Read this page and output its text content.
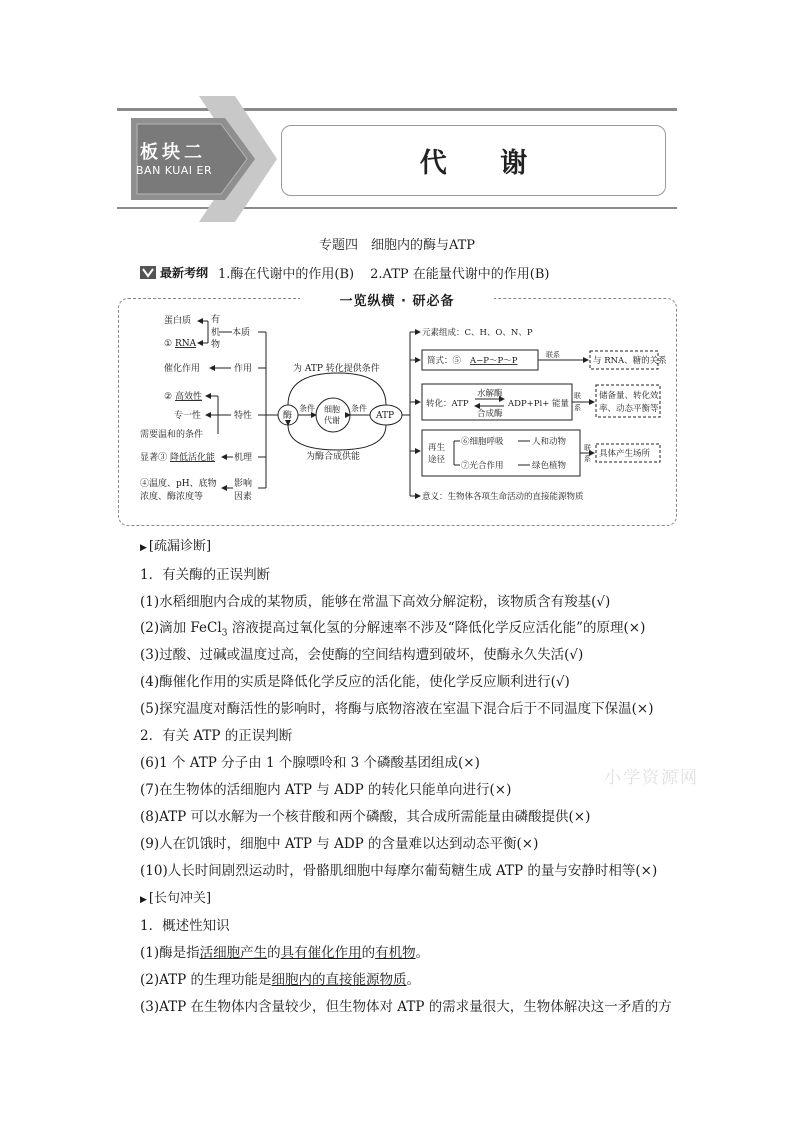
板块二
BAN KUAI ER	代 谢
专题四　细胞内的酶与ATP
最新考纲 1.酶在代谢中的作用(B) 2.ATP 在能量代谢中的作用(B)
一览纵横 · 研必备
蛋白质
① RNA
有
机
物
本质
催化作用	作用
② 高效性
专一性
需要温和的条件
特性
显著③ 降低活化能 机理
④温度、pH、底物
浓度、酶浓度等
影响
因素
酶
条件 细胞
代谢
条件
ATP
为 ATP 转化提供条件
为酶合成供能
元素组成：C、H、O、N、P
简式：⑤ A−P～P～P
联系
与 RNA、糖的关系
转化：ATP
水解酶
合成酶
ADP+Pi+ 能量
联
系
储备量、转化效
率、动态平衡等
再生
途径
⑥细胞呼吸	人和动物
⑦光合作用	绿色植物
联
系 具体产生场所
意义：生物体各项生命活动的直接能源物质
▶ [疏漏诊断]
1．有关酶的正误判断
(1)水稻细胞内合成的某物质，能够在常温下高效分解淀粉，该物质含有羧基(√)
(2)滴加 FeCl$_3$ 溶液提高过氧化氢的分解速率不涉及“降低化学反应活化能”的原理(×)
(3)过酸、过碱或温度过高，会使酶的空间结构遭到破坏，使酶永久失活(√)
(4)酶催化作用的实质是降低化学反应的活化能，使化学反应顺利进行(√)
(5)探究温度对酶活性的影响时，将酶与底物溶液在室温下混合后于不同温度下保温(×)
2．有关 ATP 的正误判断
(6)1 个 ATP 分子由 1 个腺嘌呤和 3 个磷酸基团组成(×)
(7)在生物体的活细胞内 ATP 与 ADP 的转化只能单向进行(×)
(8)ATP 可以水解为一个核苷酸和两个磷酸，其合成所需能量由磷酸提供(×)
(9)人在饥饿时，细胞中 ATP 与 ADP 的含量难以达到动态平衡(×)
(10)人长时间剧烈运动时，骨骼肌细胞中每摩尔葡萄糖生成 ATP 的量与安静时相等(×)
▶ [长句冲关]
1．概述性知识
(1)酶是指活细胞产生的具有催化作用的有机物。
(2)ATP 的生理功能是细胞内的直接能源物质。
(3)ATP 在生物体内含量较少，但生物体对 ATP 的需求量很大，生物体解决这一矛盾的方
小学资源网
